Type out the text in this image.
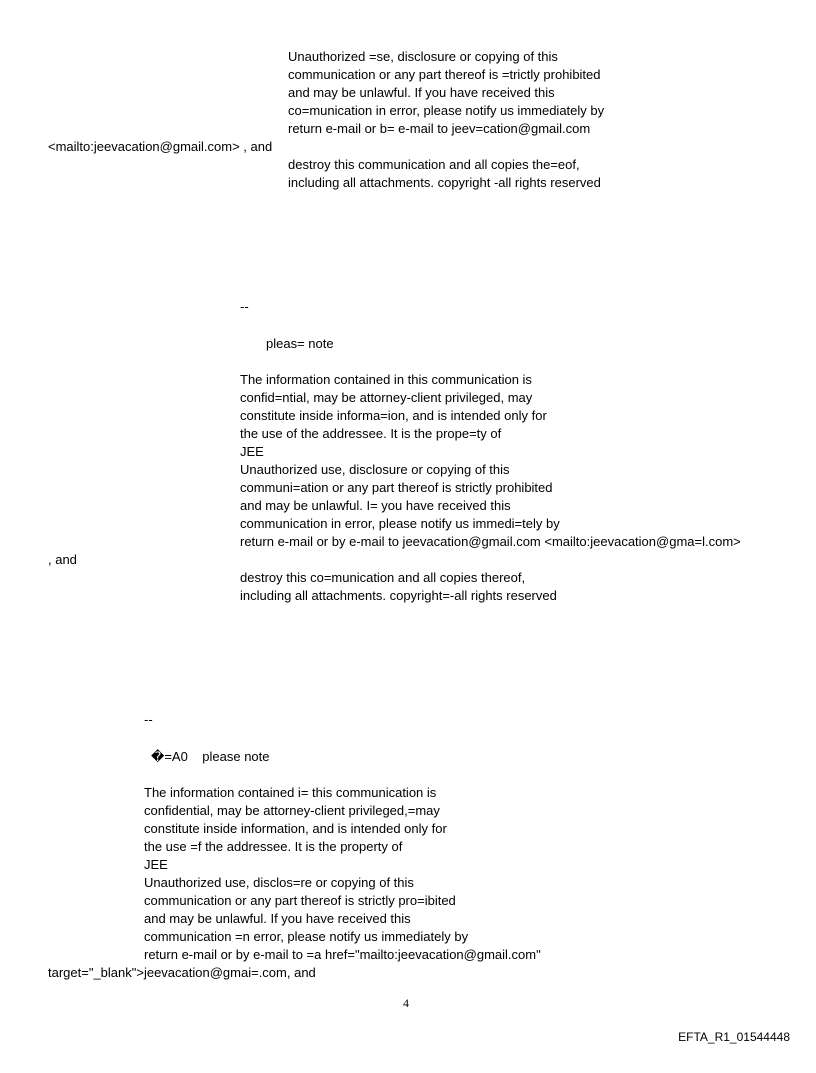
Unauthorized =se, disclosure or copying of this
communication or any part thereof is =trictly prohibited
and may be unlawful. If you have received this
co=munication in error, please notify us immediately by
return e-mail or b= e-mail to jeev=cation@gmail.com
<mailto:jeevacation@gmail.com> , and
destroy this communication and all copies the=eof,
including all attachments. copyright -all rights reserved
--
pleas= note
The information contained in this communication is
confid=ntial, may be attorney-client privileged, may
constitute inside informa=ion, and is intended only for
the use of the addressee. It is the prope=ty of
JEE
Unauthorized use, disclosure or copying of this
communi=ation or any part thereof is strictly prohibited
and may be unlawful. I= you have received this
communication in error, please notify us immedi=tely by
return e-mail or by e-mail to jeevacation@gmail.com <mailto:jeevacation@gma=l.com>
, and
destroy this co=munication and all copies thereof,
including all attachments. copyright=-all rights reserved
--
�=A0    please note
The information contained i= this communication is
confidential, may be attorney-client privileged,=may
constitute inside information, and is intended only for
the use =f the addressee. It is the property of
JEE
Unauthorized use, disclos=re or copying of this
communication or any part thereof is strictly pro=ibited
and may be unlawful. If you have received this
communication =n error, please notify us immediately by
return e-mail or by e-mail to =a href="mailto:jeevacation@gmail.com"
target="_blank">jeevacation@gmai=.com, and
4
EFTA_R1_01544448
